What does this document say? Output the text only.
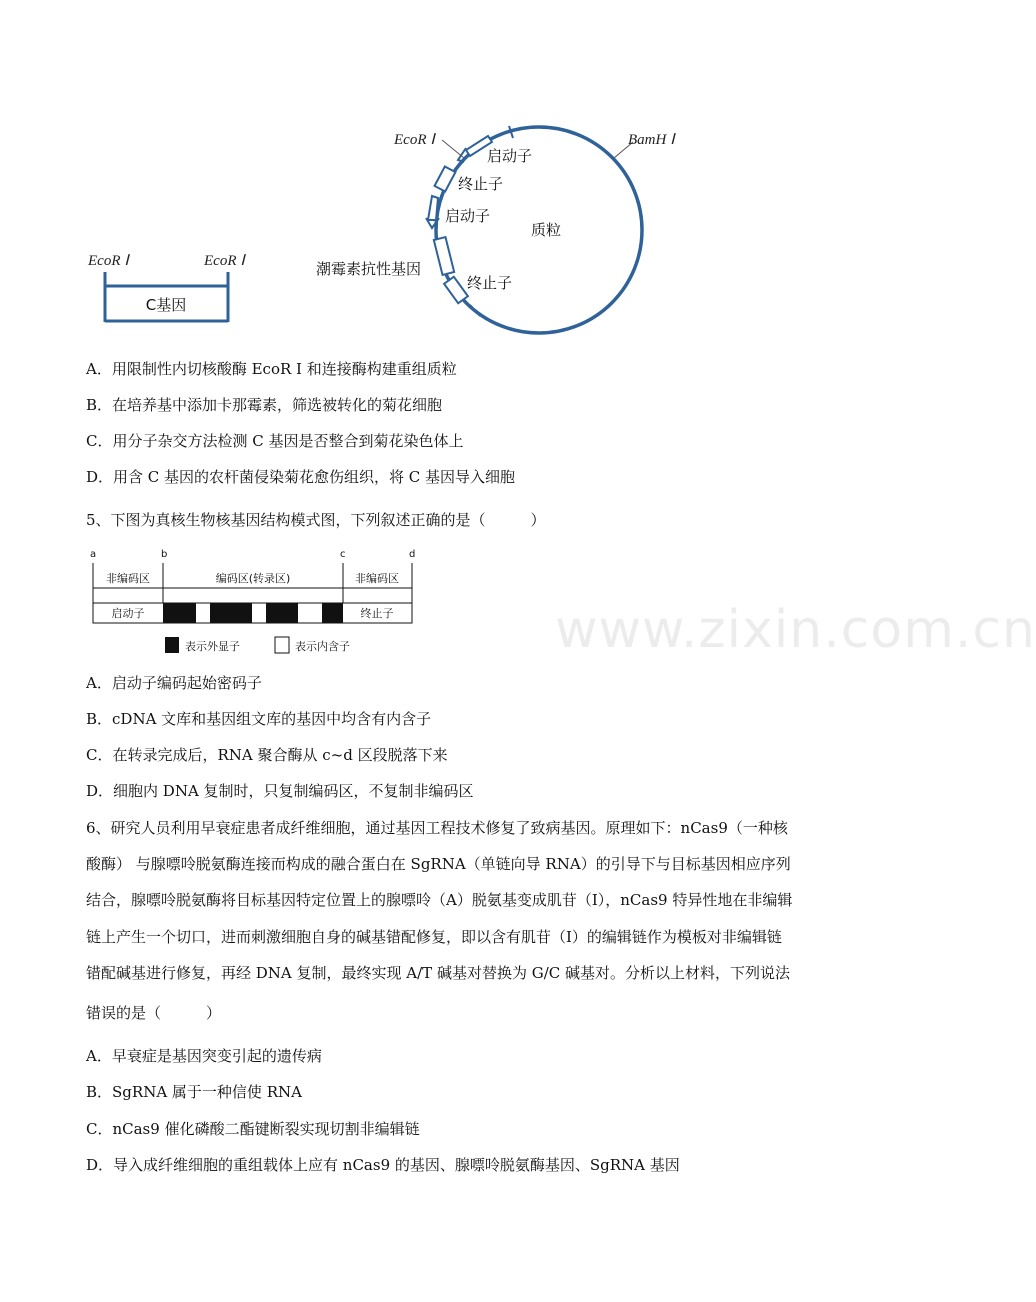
EcoR Ⅰ	EcoR Ⅰ
C基因
EcoR Ⅰ	BamH Ⅰ
启动子
终止子
启动子
质粒
潮霉素抗性基因
终止子
A．用限制性内切核酸酶 EcoR I 和连接酶构建重组质粒
B．在培养基中添加卡那霉素，筛选被转化的菊花细胞
C．用分子杂交方法检测 C 基因是否整合到菊花染色体上
D．用含 C 基因的农杆菌侵染菊花愈伤组织，将 C 基因导入细胞
5、下图为真核生物核基因结构模式图，下列叙述正确的是（　　　）
a	b	c	d
非编码区	编码区(转录区)	非编码区
启动子	终止子
表示外显子	表示内含子	www.zixin.com.cn
A．启动子编码起始密码子
B．cDNA 文库和基因组文库的基因中均含有内含子
C．在转录完成后，RNA 聚合酶从 c~d 区段脱落下来
D．细胞内 DNA 复制时，只复制编码区，不复制非编码区
6、研究人员利用早衰症患者成纤维细胞，通过基因工程技术修复了致病基因。原理如下：nCas9（一种核
酸酶） 与腺嘌呤脱氨酶连接而构成的融合蛋白在 SgRNA（单链向导 RNA）的引导下与目标基因相应序列
结合，腺嘌呤脱氨酶将目标基因特定位置上的腺嘌呤（A）脱氨基变成肌苷（I），nCas9 特异性地在非编辑
链上产生一个切口，进而刺激细胞自身的碱基错配修复，即以含有肌苷（I）的编辑链作为模板对非编辑链
错配碱基进行修复，再经 DNA 复制，最终实现 A/T 碱基对替换为 G/C 碱基对。分析以上材料，下列说法
错误的是（　　　）
A．早衰症是基因突变引起的遗传病
B．SgRNA 属于一种信使 RNA
C．nCas9 催化磷酸二酯键断裂实现切割非编辑链
D．导入成纤维细胞的重组载体上应有 nCas9 的基因、腺嘌呤脱氨酶基因、SgRNA 基因
